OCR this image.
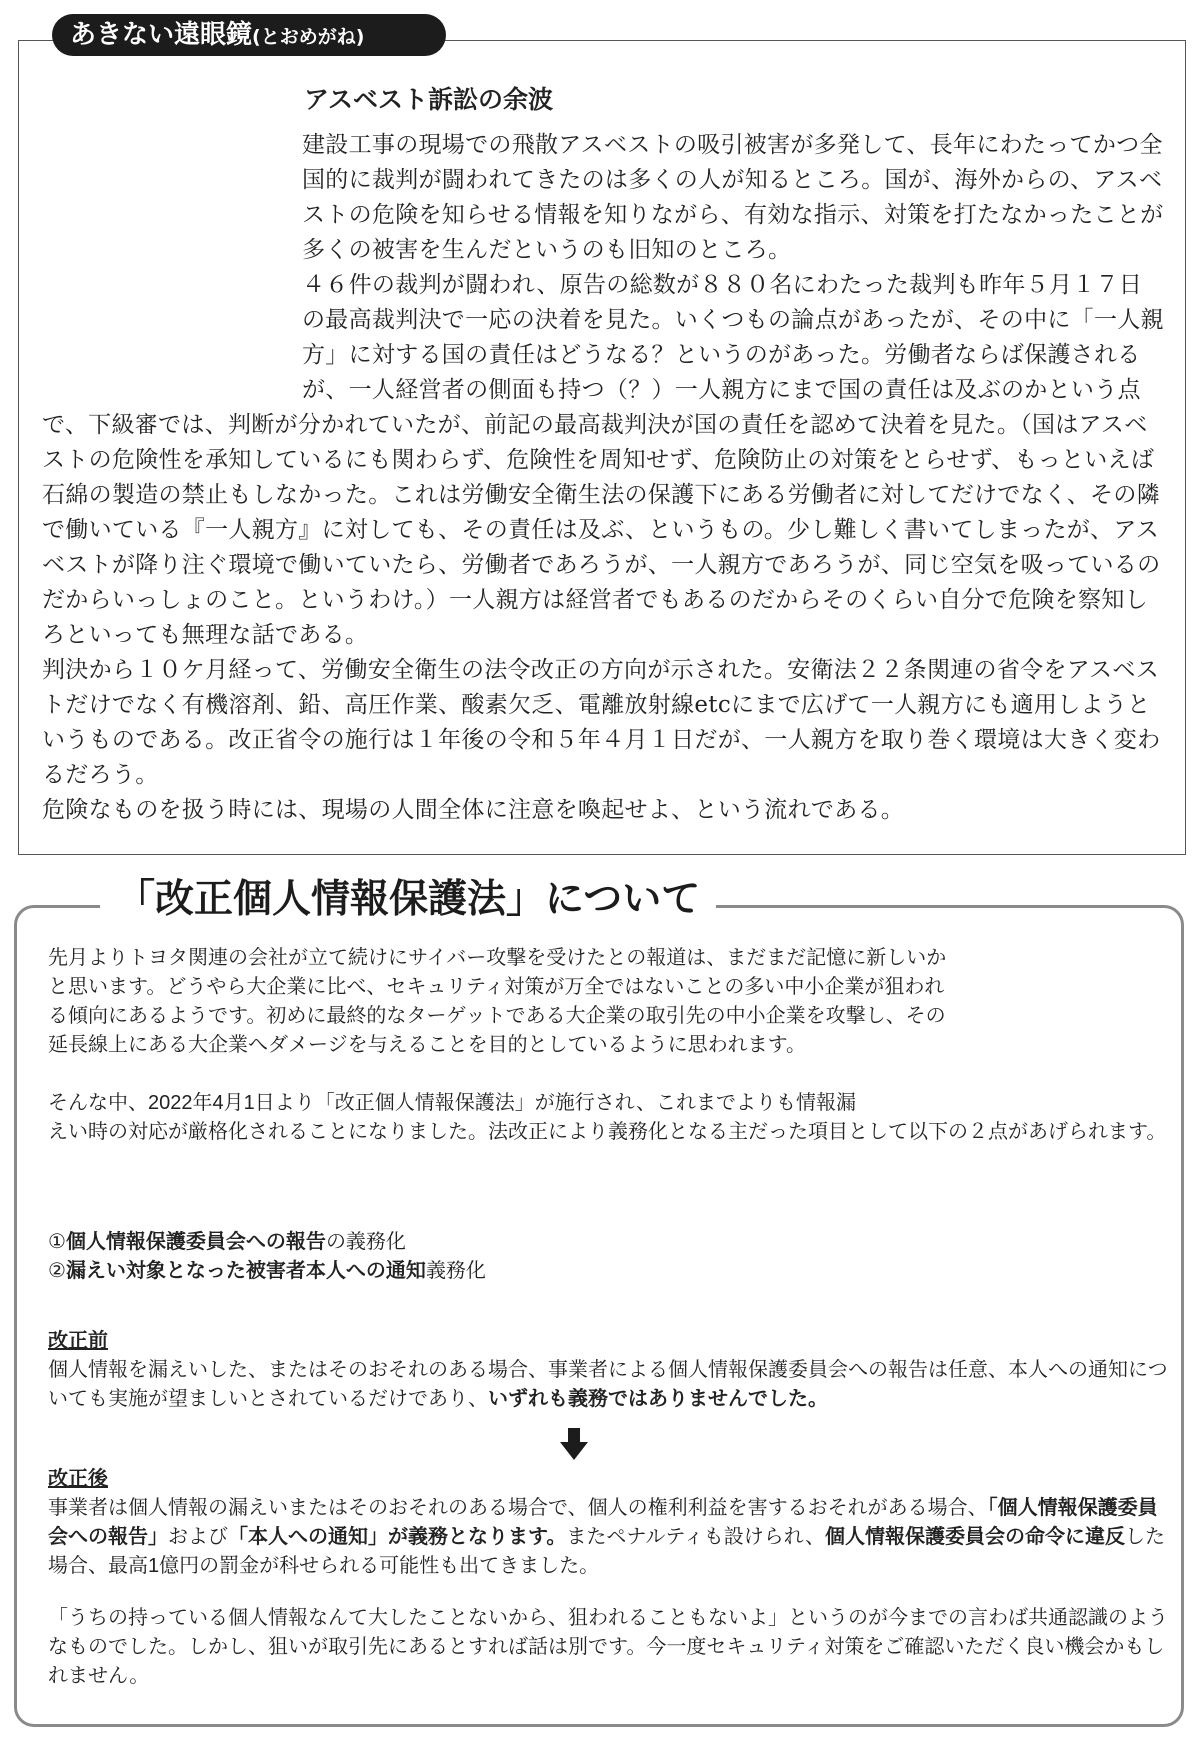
あきない遠眼鏡(とおめがね)
アスベスト訴訟の余波

建設工事の現場での飛散アスベストの吸引被害が多発して、長年にわたってかつ全国的に裁判が闘われてきたのは多くの人が知るところ。国が、海外からの、アスベストの危険を知らせる情報を知りながら、有効な指示、対策を打たなかったことが多くの被害を生んだというのも旧知のところ。

４６件の裁判が闘われ、原告の総数が８８０名にわたった裁判も昨年５月１７日の最高裁判決で一応の決着を見た。いくつもの論点があったが、その中に「一人親方」に対する国の責任はどうなる？というのがあった。労働者ならば保護されるが、一人経営者の側面も持つ（？）一人親方にまで国の責任は及ぶのかという点

で、下級審では、判断が分かれていたが、前記の最高裁判決が国の責任を認めて決着を見た。（国はアスベストの危険性を承知しているにも関わらず、危険性を周知せず、危険防止の対策をとらせず、もっといえば石綿の製造の禁止もしなかった。これは労働安全衛生法の保護下にある労働者に対してだけでなく、その隣で働いている『一人親方』に対しても、その責任は及ぶ、というもの。少し難しく書いてしまったが、アスベストが降り注ぐ環境で働いていたら、労働者であろうが、一人親方であろうが、同じ空気を吸っているのだからいっしょのこと。というわけ。）一人親方は経営者でもあるのだからそのくらい自分で危険を察知しろといっても無理な話である。

判決から１０ケ月経って、労働安全衛生の法令改正の方向が示された。安衛法２２条関連の省令をアスベストだけでなく有機溶剤、鉛、高圧作業、酸素欠乏、電離放射線etcにまで広げて一人親方にも適用しようというものである。改正省令の施行は１年後の令和５年４月１日だが、一人親方を取り巻く環境は大きく変わるだろう。

危険なものを扱う時には、現場の人間全体に注意を喚起せよ、という流れである。

「改正個人情報保護法」について

先月よりトヨタ関連の会社が立て続けにサイバー攻撃を受けたとの報道は、まだまだ記憶に新しいかと思います。どうやら大企業に比べ、セキュリティ対策が万全ではないことの多い中小企業が狙われる傾向にあるようです。初めに最終的なターゲットである大企業の取引先の中小企業を攻撃し、その延長線上にある大企業へダメージを与えることを目的としているように思われます。

そんな中、2022年4月1日より「改正個人情報保護法」が施行され、これまでよりも情報漏
えい時の対応が厳格化されることになりました。法改正により義務化となる主だった項目として以下の２点があげられます。
①個人情報保護委員会への報告の義務化
②漏えい対象となった被害者本人への通知義務化
改正前
個人情報を漏えいした、またはそのおそれのある場合、事業者による個人情報保護委員会への報告は任意、本人への通知についても実施が望ましいとされているだけであり、いずれも義務ではありませんでした。
改正後
事業者は個人情報の漏えいまたはそのおそれのある場合で、個人の権利利益を害するおそれがある場合、「個人情報保護委員会への報告」および「本人への通知」が義務となります。またペナルティも設けられ、個人情報保護委員会の命令に違反した場合、最高1億円の罰金が科せられる可能性も出てきました。

「うちの持っている個人情報なんて大したことないから、狙われることもないよ」というのが今までの言わば共通認識のようなものでした。しかし、狙いが取引先にあるとすれば話は別です。今一度セキュリティ対策をご確認いただく良い機会かもしれません。
